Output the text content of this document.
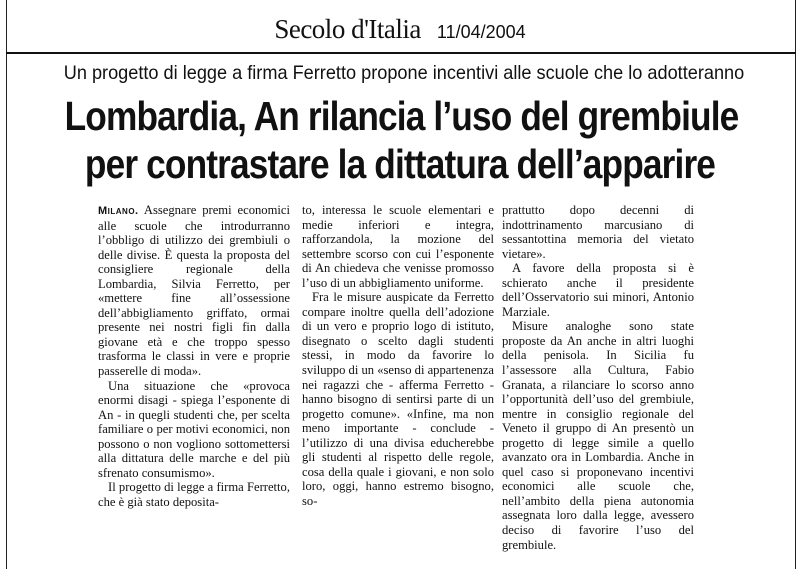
Secolo d'Italia 11/04/2004
Un progetto di legge a firma Ferretto propone incentivi alle scuole che lo adotteranno
Lombardia, An rilancia l’uso del grembiule
per contrastare la dittatura dell’apparire

Milano. Assegnare premi economici alle scuole che introdurranno l’obbligo di utilizzo dei grembiuli o delle divise. È questa la proposta del consigliere regionale della Lombardia, Silvia Ferretto, per «mettere fine all’ossessione dell’abbigliamento griffato, ormai presente nei nostri figli fin dalla giovane età e che troppo spesso trasforma le classi in vere e proprie passerelle di moda».

Una situazione che «provoca enormi disagi - spiega l’esponente di An - in quegli studenti che, per scelta familiare o per motivi economici, non possono o non vogliono sottomettersi alla dittatura delle marche e del più sfrenato consumismo».

Il progetto di legge a firma Ferretto, che è già stato deposita-

to, interessa le scuole elementari e medie inferiori e integra, rafforzandola, la mozione del settembre scorso con cui l’esponente di An chiedeva che venisse promosso l’uso di un abbigliamento uniforme.

Fra le misure auspicate da Ferretto compare inoltre quella dell’adozione di un vero e proprio logo di istituto, disegnato o scelto dagli studenti stessi, in modo da favorire lo sviluppo di un «senso di appartenenza nei ragazzi che - afferma Ferretto - hanno bisogno di sentirsi parte di un progetto comune». «Infine, ma non meno importante - conclude - l’utilizzo di una divisa educherebbe gli studenti al rispetto delle regole, cosa della quale i giovani, e non solo loro, oggi, hanno estremo bisogno, so-

prattutto dopo decenni di indottrinamento marcusiano di sessantottina memoria del vietato vietare».

A favore della proposta si è schierato anche il presidente dell’Osservatorio sui minori, Antonio Marziale.

Misure analoghe sono state proposte da An anche in altri luoghi della penisola. In Sicilia fu l’assessore alla Cultura, Fabio Granata, a rilanciare lo scorso anno l’opportunità dell’uso del grembiule, mentre in consiglio regionale del Veneto il gruppo di An presentò un progetto di legge simile a quello avanzato ora in Lombardia. Anche in quel caso si proponevano incentivi economici alle scuole che, nell’ambito della piena autonomia assegnata loro dalla legge, avessero deciso di favorire l’uso del grembiule.
